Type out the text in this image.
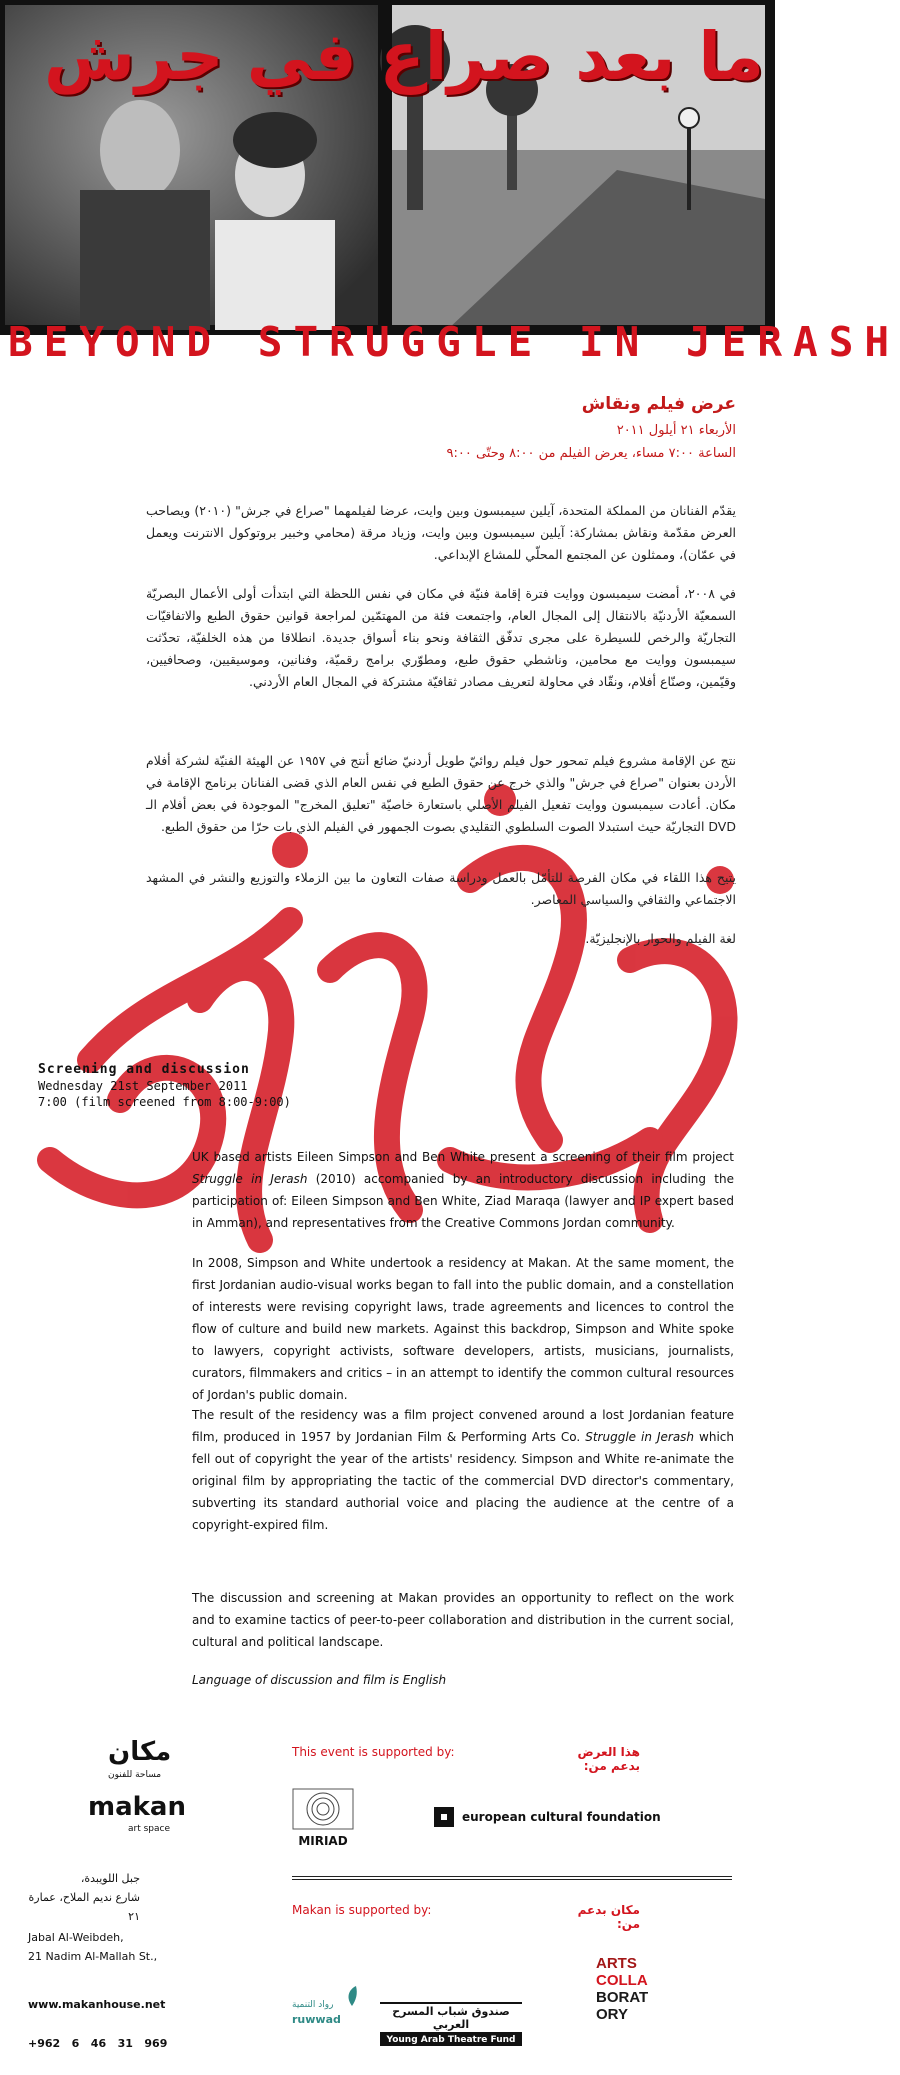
ما بعد صراع في جرش
BEYOND STRUGGLE IN JERASH
عرض فيلم ونقاش
الأربعاء ٢١ أيلول ٢٠١١
الساعة ٧:٠٠ مساء، يعرض الفيلم من ٨:٠٠ وحتّى ٩:٠٠
يقدّم الفنانان من المملكة المتحدة، آيلين سيمبسون وبين وايت، عرضا لفيلمهما "صراع في جرش" (٢٠١٠) ويصاحب العرض مقدّمة ونقاش بمشاركة: آيلين سيمبسون وبين وايت، وزياد مرقة (محامي وخبير بروتوكول الانترنت ويعمل في عمّان)، وممثلون عن المجتمع المحلّي للمشاع الإبداعي.
في ٢٠٠٨، أمضت سيمبسون ووايت فترة إقامة فنيّة في مكان في نفس اللحظة التي ابتدأت أولى الأعمال البصريّة السمعيّة الأردنيّة بالانتقال إلى المجال العام، واجتمعت فئة من المهتمّين لمراجعة قوانين حقوق الطبع والاتفاقيّات التجاريّة والرخص للسيطرة على مجرى تدفّق الثقافة ونحو بناء أسواق جديدة. انطلاقا من هذه الخلفيّة، تحدّثت سيمبسون ووايت مع محامين، وناشطي حقوق طبع، ومطوّري برامج رقميّة، وفنانين، وموسيقيين، وصحافيين، وقيّمين، وصنّاع أفلام، ونقّاد في محاولة لتعريف مصادر ثقافيّة مشتركة في المجال العام الأردني.
نتج عن الإقامة مشروع فيلم تمحور حول فيلم روائيّ طويل أردنيّ ضائع أنتج في ١٩٥٧ عن الهيئة الفنيّة لشركة أفلام الأردن بعنوان "صراع في جرش" والذي خرج عن حقوق الطبع في نفس العام الذي قضى الفنانان برنامج الإقامة في مكان. أعادت سيمبسون ووايت تفعيل الفيلم الأصلي باستعارة خاصيّة "تعليق المخرج" الموجودة في بعض أفلام الـ DVD التجاريّة حيث استبدلا الصوت السلطوي التقليدي بصوت الجمهور في الفيلم الذي بات حرّا من حقوق الطبع.
يتيح هذا اللقاء في مكان الفرصة للتأمّل بالعمل ودراسة صفات التعاون ما بين الزملاء والتوزيع والنشر في المشهد الاجتماعي والثقافي والسياسي المعاصر.
لغة الفيلم والحوار بالإنجليزيّة.
Screening and discussion
Wednesday 21st September 2011
7:00 (film screened from 8:00-9:00)
UK based artists Eileen Simpson and Ben White present a screening of their film project Struggle in Jerash (2010) accompanied by an introductory discussion including the participation of: Eileen Simpson and Ben White, Ziad Maraqa (lawyer and IP expert based in Amman), and representatives from the Creative Commons Jordan community.
In 2008, Simpson and White undertook a residency at Makan. At the same moment, the first Jordanian audio-visual works began to fall into the public domain, and a constellation of interests were revising copyright laws, trade agreements and licences to control the flow of culture and build new markets. Against this backdrop, Simpson and White spoke to lawyers, copyright activists, software developers, artists, musicians, journalists, curators, filmmakers and critics – in an attempt to identify the common cultural resources of Jordan's public domain.
The result of the residency was a film project convened around a lost Jordanian feature film, produced in 1957 by Jordanian Film & Performing Arts Co. Struggle in Jerash which fell out of copyright the year of the artists' residency. Simpson and White re-animate the original film by appropriating the tactic of the commercial DVD director's commentary, subverting its standard authorial voice and placing the audience at the centre of a copyright-expired film.
The discussion and screening at Makan provides an opportunity to reflect on the work and to examine tactics of peer-to-peer collaboration and distribution in the current social, cultural and political landscape.
Language of discussion and film is English
مكان
مساحة للفنون
makan
art space
جبل اللويبدة،
شارع نديم الملاح، عمارة ٢١
Jabal Al-Weibdeh,
21 Nadim Al-Mallah St.,
www.makanhouse.net
+962   6   46   31   969
This event is supported by:	هذا العرض بدعم من:
MIRIAD
european cultural foundation
Makan is supported by:	مكان بدعم من:
رواد التنمية
ruwwad
صندوق شباب المسرح العربي
Young Arab Theatre Fund
ARTS
COLLA
BORAT
ORY
